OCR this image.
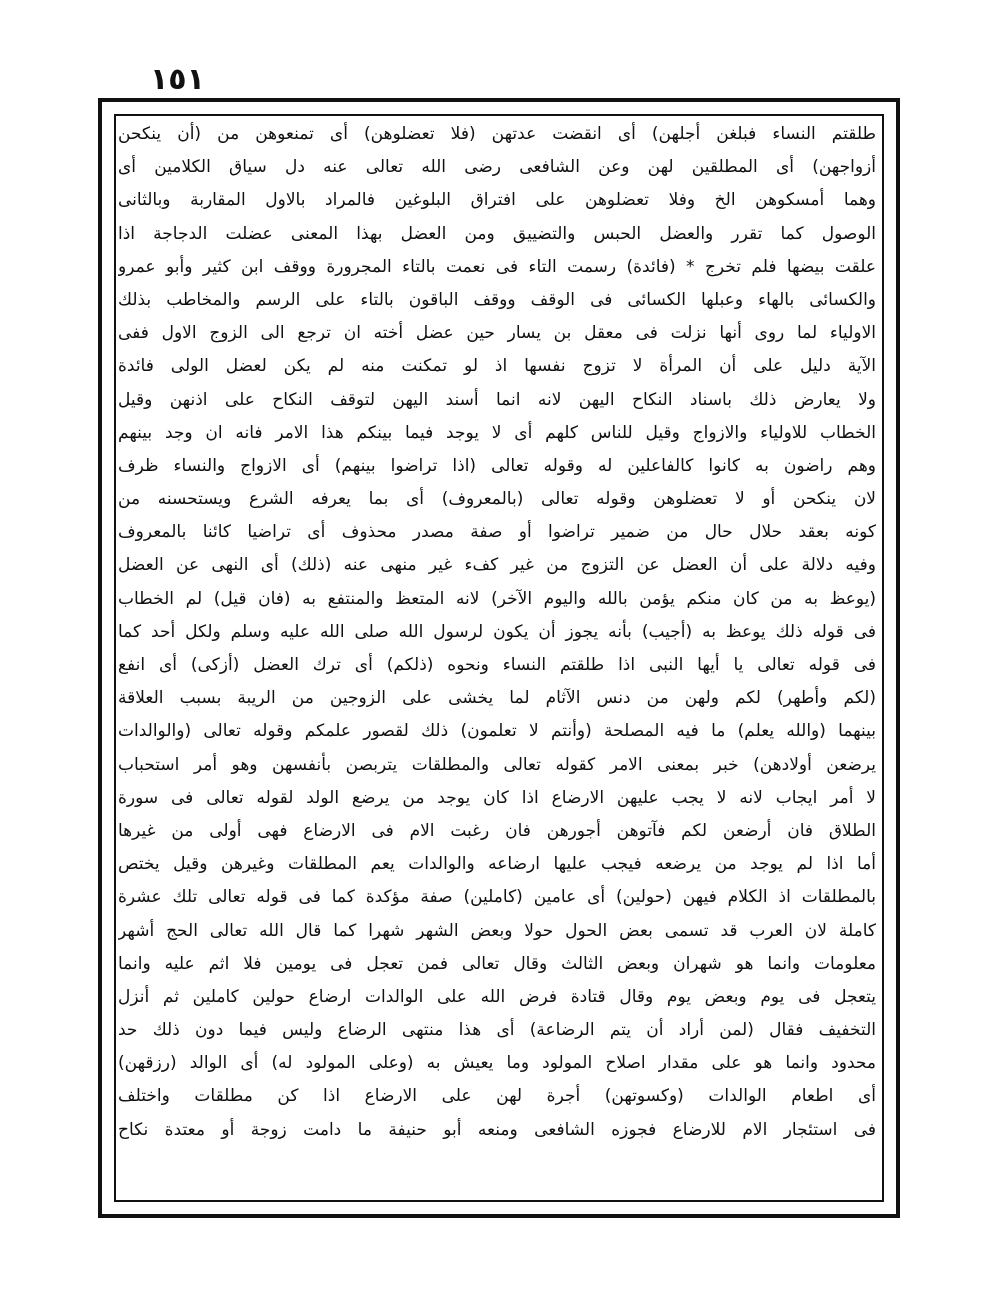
١٥١
طلقتم النساء فبلغن أجلهن) أى انقضت عدتهن (فلا تعضلوهن) أى تمنعوهن من (أن ينكحن
أزواجهن) أى المطلقين لهن وعن الشافعى رضى الله تعالى عنه دل سياق الكلامين أى
وهما أمسكوهن الخ وفلا تعضلوهن على افتراق البلوغين فالمراد بالاول المقاربة وبالثانى
الوصول كما تقرر والعضل الحبس والتضييق ومن العضل بهذا المعنى عضلت الدجاجة اذا
علقت بيضها فلم تخرج * (فائدة) رسمت التاء فى نعمت بالتاء المجرورة ووقف ابن كثير وأبو عمرو
والكسائى بالهاء وعبلها الكسائى فى الوقف ووقف الباقون بالتاء على الرسم والمخاطب بذلك
الاولياء لما روى أنها نزلت فى معقل بن يسار حين عضل أخته ان ترجع الى الزوج الاول ففى
الآية دليل على أن المرأة لا تزوج نفسها اذ لو تمكنت منه لم يكن لعضل الولى فائدة
ولا يعارض ذلك باسناد النكاح اليهن لانه انما أسند اليهن لتوقف النكاح على اذنهن وقيل
الخطاب للاولياء والازواج وقيل للناس كلهم أى لا يوجد فيما بينكم هذا الامر فانه ان وجد بينهم
وهم راضون به كانوا كالفاعلين له وقوله تعالى (اذا تراضوا بينهم) أى الازواج والنساء ظرف
لان ينكحن أو لا تعضلوهن وقوله تعالى (بالمعروف) أى بما يعرفه الشرع ويستحسنه من
كونه بعقد حلال حال من ضمير تراضوا أو صفة مصدر محذوف أى تراضيا كائنا بالمعروف
وفيه دلالة على أن العضل عن التزوج من غير كفء غير منهى عنه (ذلك) أى النهى عن العضل
(يوعظ به من كان منكم يؤمن بالله واليوم الآخر) لانه المتعظ والمنتفع به (فان قيل) لم الخطاب
فى قوله ذلك يوعظ به (أجيب) بأنه يجوز أن يكون لرسول الله صلى الله عليه وسلم ولكل أحد كما
فى قوله تعالى يا أيها النبى اذا طلقتم النساء ونحوه (ذلكم) أى ترك العضل (أزكى) أى انفع
(لكم وأطهر) لكم ولهن من دنس الآثام لما يخشى على الزوجين من الريبة بسبب العلاقة
بينهما (والله يعلم) ما فيه المصلحة (وأنتم لا تعلمون) ذلك لقصور علمكم وقوله تعالى (والوالدات
يرضعن أولادهن) خبر بمعنى الامر كقوله تعالى والمطلقات يتربصن بأنفسهن وهو أمر استحباب
لا أمر ايجاب لانه لا يجب عليهن الارضاع اذا كان يوجد من يرضع الولد لقوله تعالى فى سورة
الطلاق فان أرضعن لكم فآتوهن أجورهن فان رغبت الام فى الارضاع فهى أولى من غيرها
أما اذا لم يوجد من يرضعه فيجب عليها ارضاعه والوالدات يعم المطلقات وغيرهن وقيل يختص
بالمطلقات اذ الكلام فيهن (حولين) أى عامين (كاملين) صفة مؤكدة كما فى قوله تعالى تلك عشرة
كاملة لان العرب قد تسمى بعض الحول حولا وبعض الشهر شهرا كما قال الله تعالى الحج أشهر
معلومات وانما هو شهران وبعض الثالث وقال تعالى فمن تعجل فى يومين فلا اثم عليه وانما
يتعجل فى يوم وبعض يوم وقال قتادة فرض الله على الوالدات ارضاع حولين كاملين ثم أنزل
التخفيف فقال (لمن أراد أن يتم الرضاعة) أى هذا منتهى الرضاع وليس فيما دون ذلك حد
محدود وانما هو على مقدار اصلاح المولود وما يعيش به (وعلى المولود له) أى الوالد (رزقهن)
أى اطعام الوالدات (وكسوتهن) أجرة لهن على الارضاع اذا كن مطلقات واختلف
فى استئجار الام للارضاع فجوزه الشافعى ومنعه أبو حنيفة ما دامت زوجة أو معتدة نكاح
